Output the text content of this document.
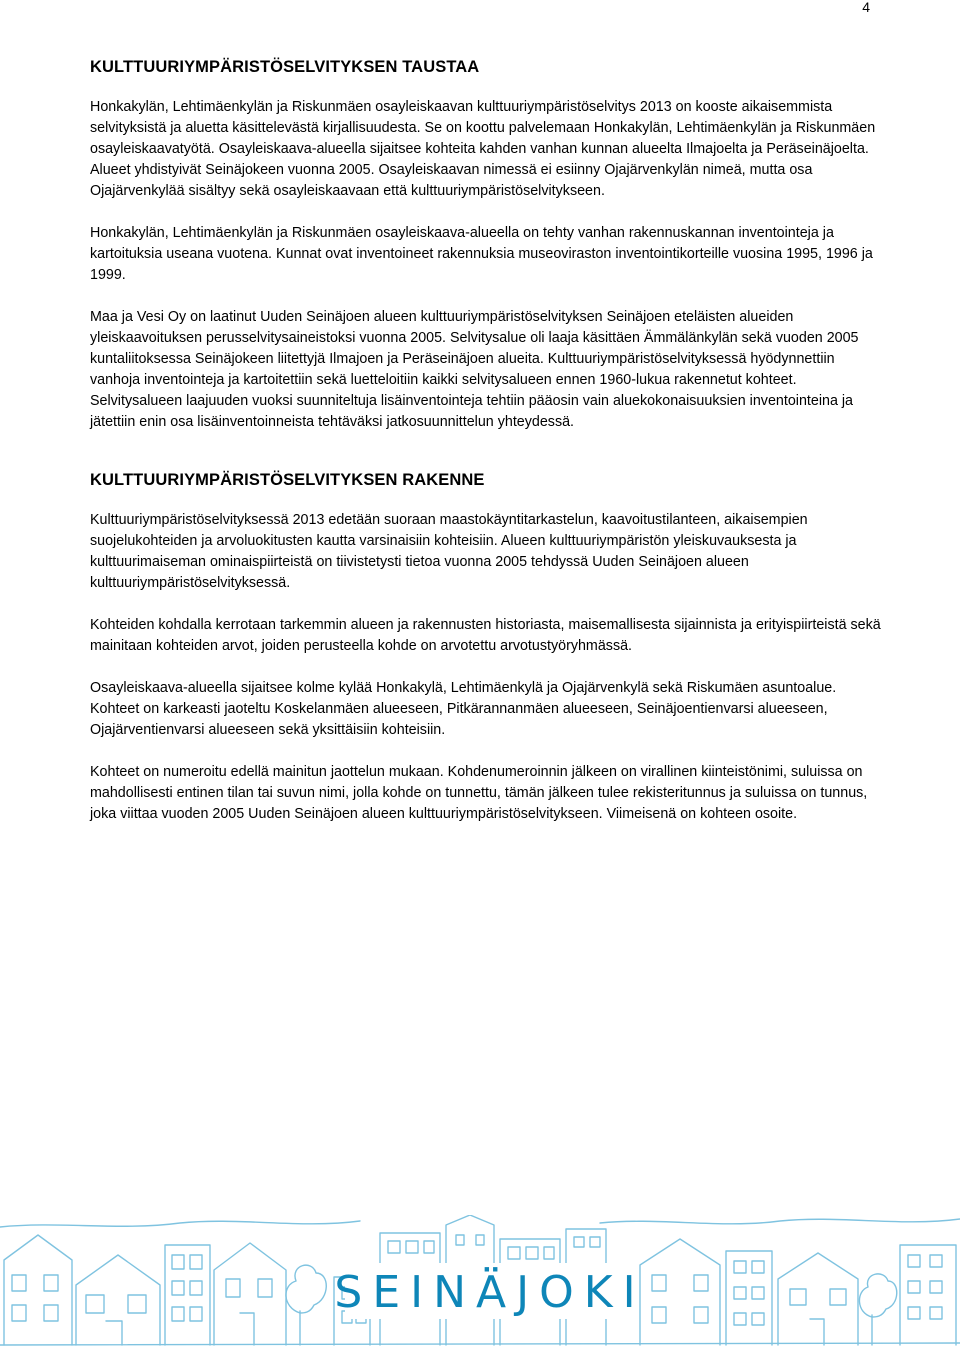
4
KULTTUURIYMPÄRISTÖSELVITYKSEN TAUSTAA

Honkakylän, Lehtimäenkylän ja Riskunmäen osayleiskaavan kulttuuriympäristöselvitys 2013 on kooste aikaisemmista selvityksistä ja aluetta käsittelevästä kirjallisuudesta. Se on koottu palvelemaan Honkakylän, Lehtimäenkylän ja Riskunmäen osayleiskaavatyötä. Osayleiskaava-alueella sijaitsee kohteita kahden vanhan kunnan alueelta Ilmajoelta ja Peräseinäjoelta. Alueet yhdistyivät Seinäjokeen vuonna 2005. Osayleiskaavan nimessä ei esiinny Ojajärvenkylän nimeä, mutta osa Ojajärvenkylää sisältyy sekä osayleiskaavaan että kulttuuriympäristöselvitykseen.

Honkakylän, Lehtimäenkylän ja Riskunmäen osayleiskaava-alueella on tehty vanhan rakennuskannan inventointeja ja kartoituksia useana vuotena. Kunnat ovat inventoineet rakennuksia museoviraston inventointikorteille vuosina 1995, 1996 ja 1999.

Maa ja Vesi Oy on laatinut Uuden Seinäjoen alueen kulttuuriympäristöselvityksen Seinäjoen eteläisten alueiden yleiskaavoituksen perusselvitysaineistoksi vuonna 2005. Selvitysalue oli laaja käsittäen Ämmälänkylän sekä vuoden 2005 kuntaliitoksessa Seinäjokeen liitettyjä Ilmajoen ja Peräseinäjoen alueita. Kulttuuriympäristöselvityksessä hyödynnettiin vanhoja inventointeja ja kartoitettiin sekä luetteloitiin kaikki selvitysalueen ennen 1960-lukua rakennetut kohteet. Selvitysalueen laajuuden vuoksi suunniteltuja lisäinventointeja tehtiin pääosin vain aluekokonaisuuksien inventointeina ja jätettiin enin osa lisäinventoinneista tehtäväksi jatkosuunnittelun yhteydessä.

KULTTUURIYMPÄRISTÖSELVITYKSEN RAKENNE

Kulttuuriympäristöselvityksessä 2013 edetään suoraan maastokäyntitarkastelun, kaavoitustilanteen, aikaisempien suojelukohteiden ja arvoluokitusten kautta varsinaisiin kohteisiin. Alueen kulttuuriympäristön yleiskuvauksesta ja kulttuurimaiseman ominaispiirteistä on tiivistetysti tietoa vuonna 2005 tehdyssä Uuden Seinäjoen alueen kulttuuriympäristöselvityksessä.

Kohteiden kohdalla kerrotaan tarkemmin alueen ja rakennusten historiasta, maisemallisesta sijainnista ja erityispiirteistä sekä mainitaan kohteiden arvot, joiden perusteella kohde on arvotettu arvotustyöryhmässä.

Osayleiskaava-alueella sijaitsee kolme kylää Honkakylä, Lehtimäenkylä ja Ojajärvenkylä sekä Riskumäen asuntoalue. Kohteet on karkeasti jaoteltu Koskelanmäen alueeseen, Pitkärannanmäen alueeseen, Seinäjoentienvarsi alueeseen, Ojajärventienvarsi alueeseen sekä yksittäisiin kohteisiin.

Kohteet on numeroitu edellä mainitun jaottelun mukaan. Kohdenumeroinnin jälkeen on virallinen kiinteistönimi, suluissa on mahdollisesti entinen tilan tai suvun nimi, jolla kohde on tunnettu, tämän jälkeen tulee rekisteritunnus ja suluissa on tunnus, joka viittaa vuoden 2005 Uuden Seinäjoen alueen kulttuuriympäristöselvitykseen. Viimeisenä on kohteen osoite.

SEINÄJOKI
